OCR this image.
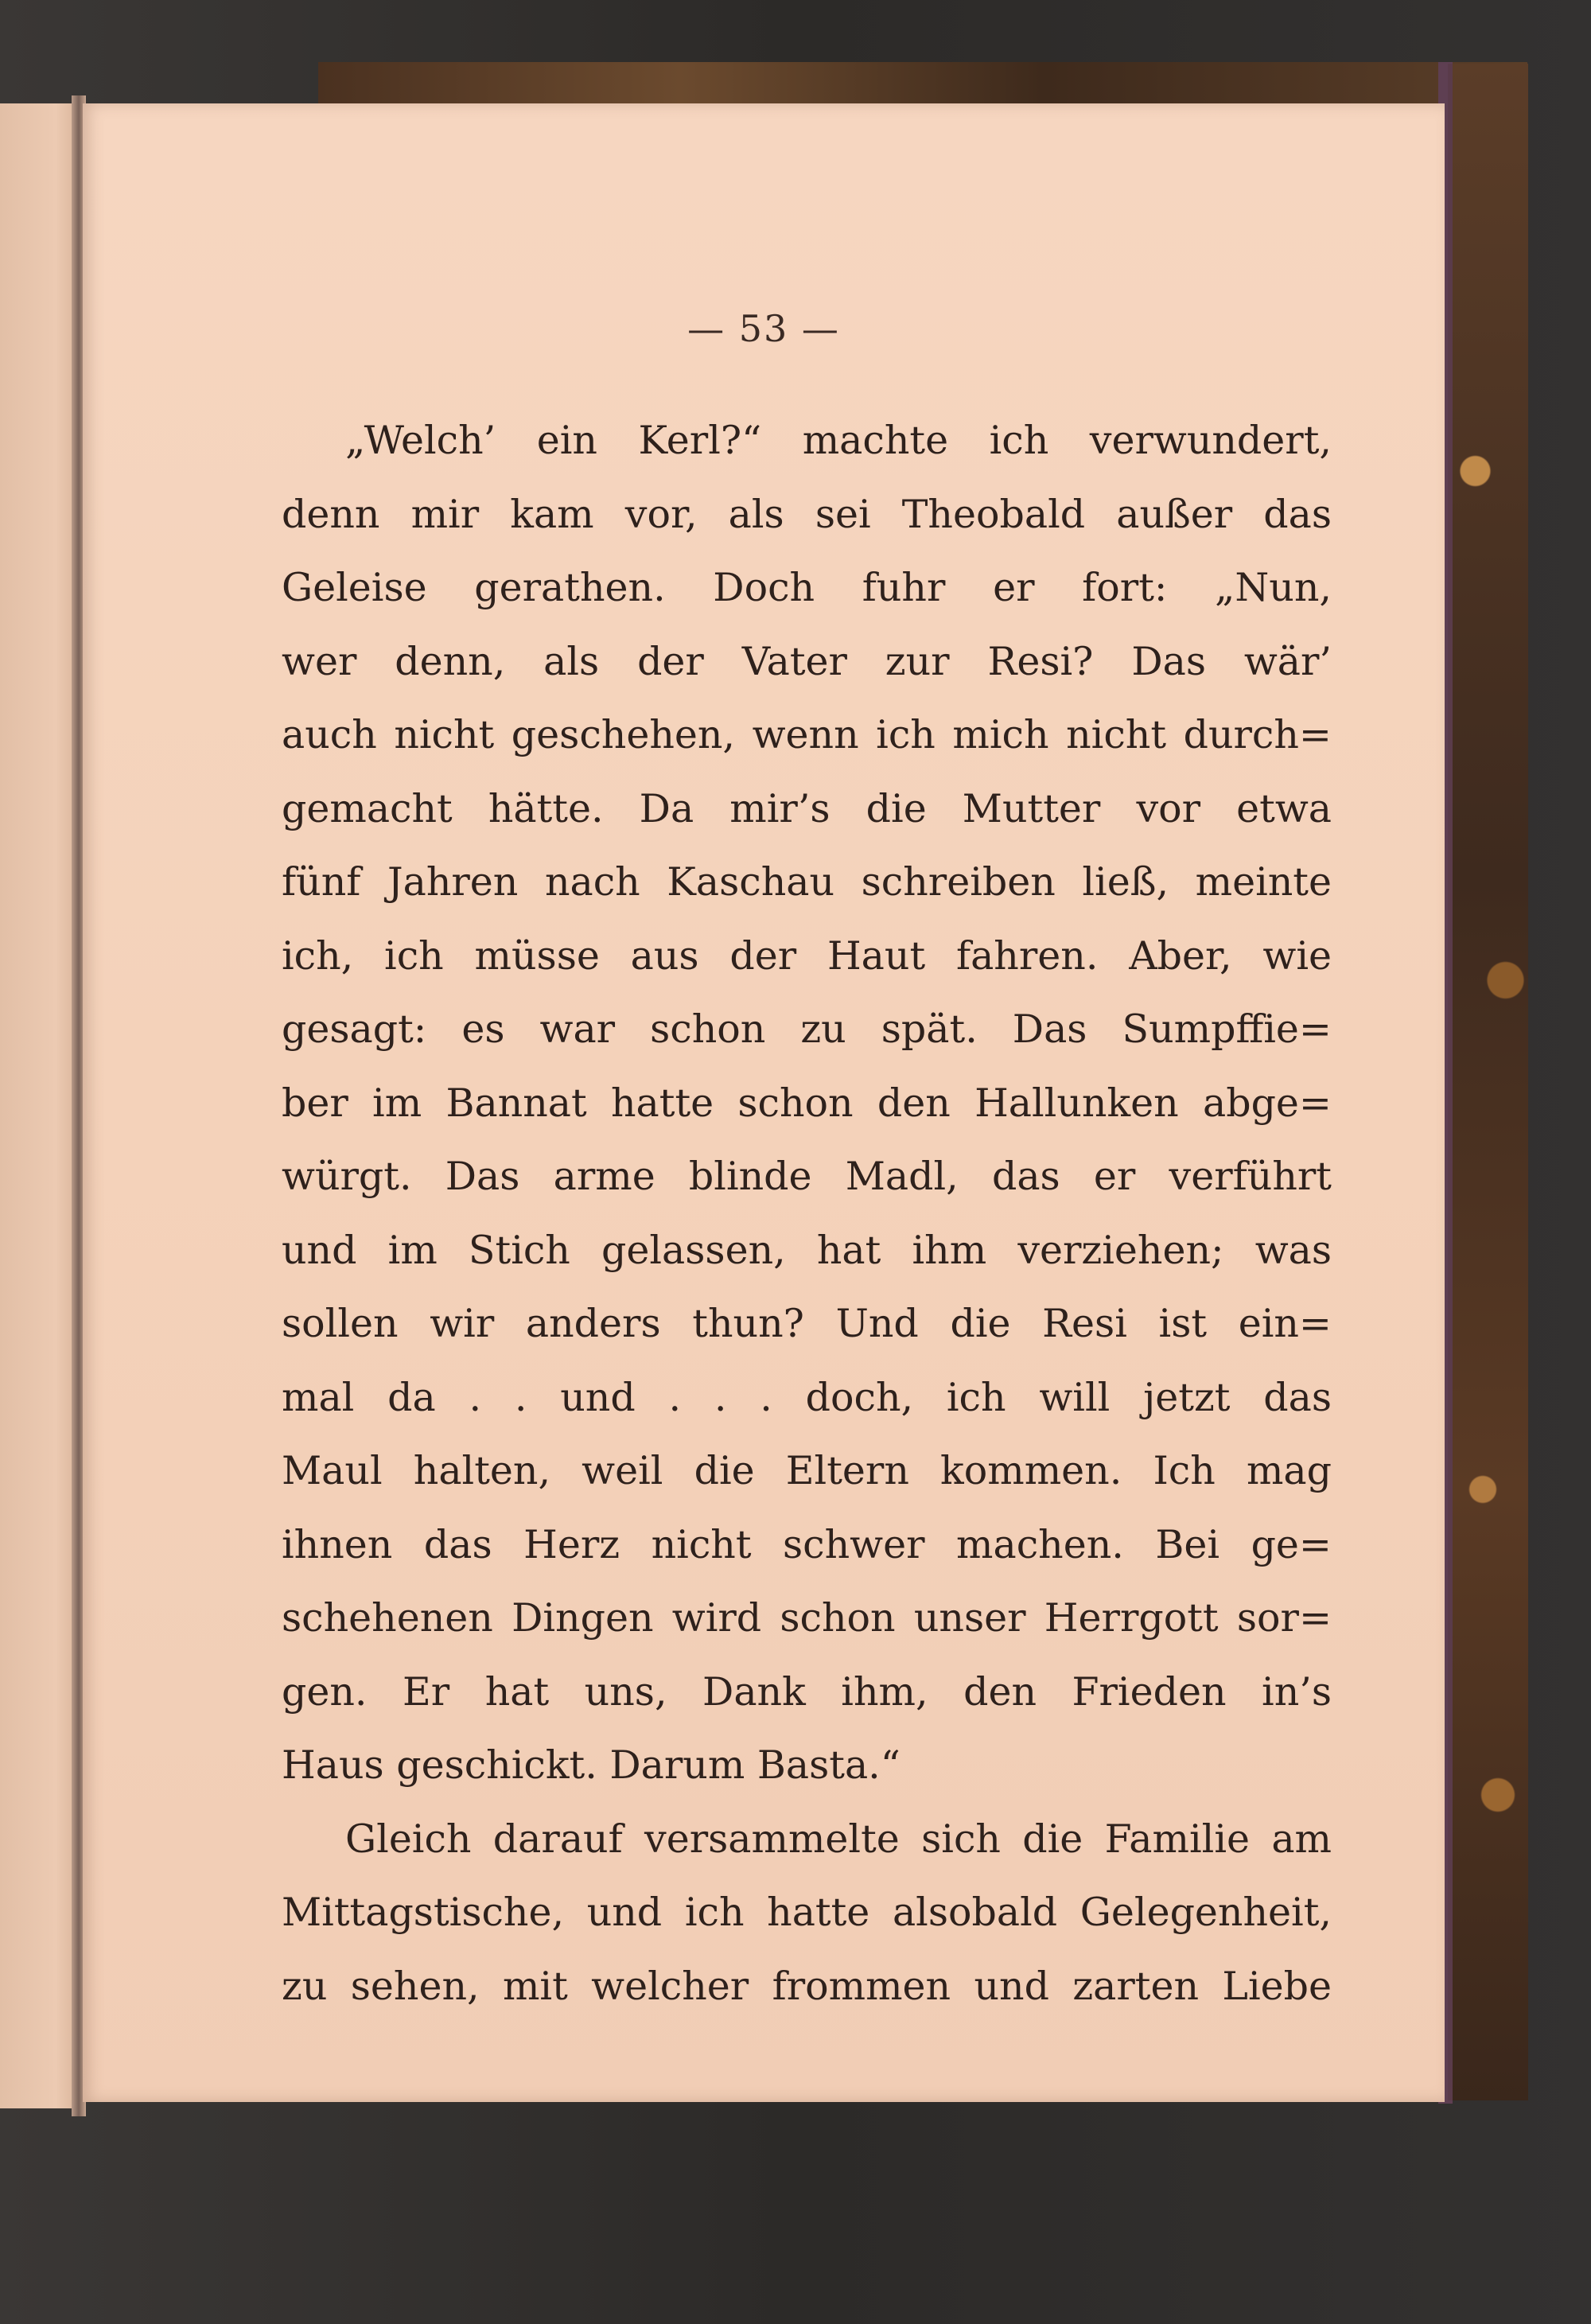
— 53 —
„Welch’ ein Kerl?“ machte ich verwundert,
denn mir kam vor, als sei Theobald außer das
Geleise gerathen. Doch fuhr er fort: „Nun,
wer denn, als der Vater zur Resi? Das wär’
auch nicht geschehen, wenn ich mich nicht durch=
gemacht hätte. Da mir’s die Mutter vor etwa
fünf Jahren nach Kaschau schreiben ließ, meinte
ich, ich müsse aus der Haut fahren. Aber, wie
gesagt: es war schon zu spät. Das Sumpffie=
ber im Bannat hatte schon den Hallunken abge=
würgt. Das arme blinde Madl, das er verführt
und im Stich gelassen, hat ihm verziehen; was
sollen wir anders thun? Und die Resi ist ein=
mal da . . und . . . doch, ich will jetzt das
Maul halten, weil die Eltern kommen. Ich mag
ihnen das Herz nicht schwer machen. Bei ge=
schehenen Dingen wird schon unser Herrgott sor=
gen. Er hat uns, Dank ihm, den Frieden in’s
Haus geschickt. Darum Basta.“
Gleich darauf versammelte sich die Familie am
Mittagstische, und ich hatte alsobald Gelegenheit,
zu sehen, mit welcher frommen und zarten Liebe
